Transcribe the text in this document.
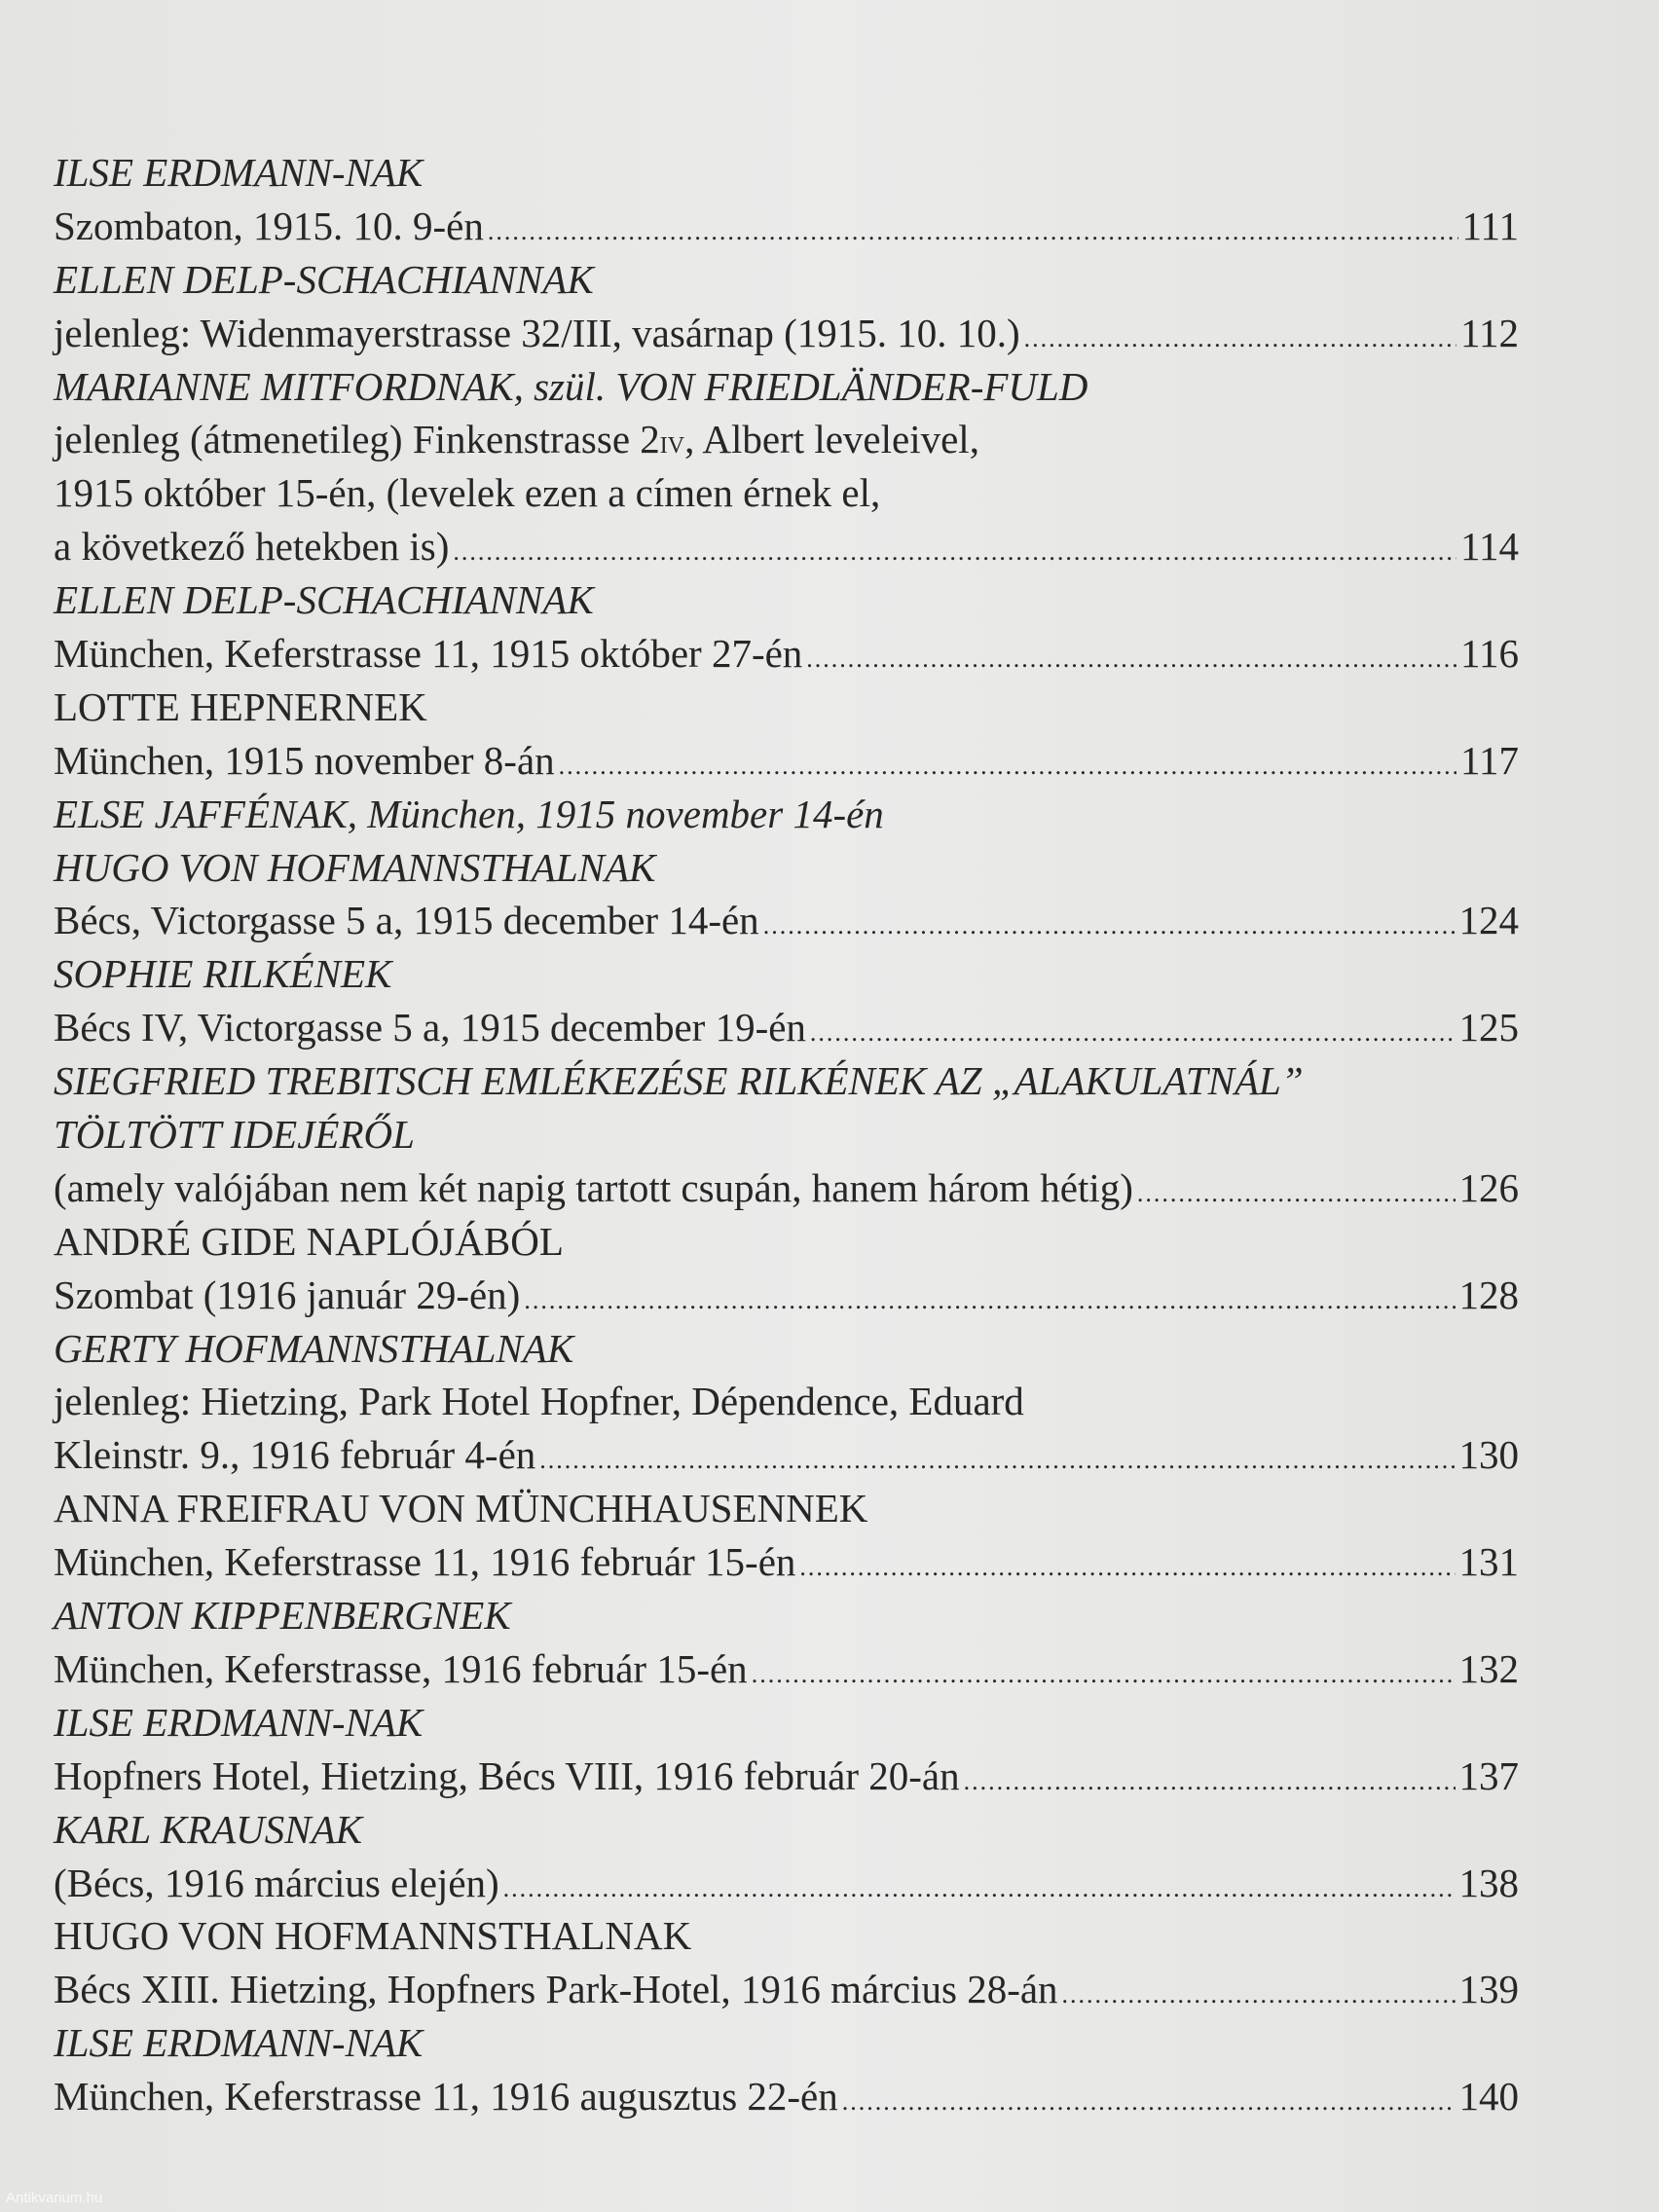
ILSE ERDMANN-NAK
Szombaton, 1915. 10. 9-én .....	111
ELLEN DELP-SCHACHIANNAK
jelenleg: Widenmayerstrasse 32/III, vasárnap (1915. 10. 10.) .....	112
MARIANNE MITFORDNAK, szül. VON FRIEDLÄNDER-FULD
jelenleg (átmenetileg) Finkenstrasse 2 IV , Albert leveleivel,
1915 október 15-én, (levelek ezen a címen érnek el,
a következő hetekben is) .....	114
ELLEN DELP-SCHACHIANNAK
München, Keferstrasse 11, 1915 október 27-én .....	116
LOTTE HEPNERNEK
München, 1915 november 8-án .....	117
ELSE JAFFÉNAK, München, 1915 november 14-én
HUGO VON HOFMANNSTHALNAK
Bécs, Victorgasse 5 a, 1915 december 14-én .....	124
SOPHIE RILKÉNEK
Bécs IV, Victorgasse 5 a, 1915 december 19-én .....	125
SIEGFRIED TREBITSCH EMLÉKEZÉSE RILKÉNEK AZ „ALAKULATNÁL”
TÖLTÖTT IDEJÉRŐL
(amely valójában nem két napig tartott csupán, hanem három hétig) .....	126
ANDRÉ GIDE NAPLÓJÁBÓL
Szombat (1916 január 29-én) .....	128
GERTY HOFMANNSTHALNAK
jelenleg: Hietzing, Park Hotel Hopfner, Dépendence, Eduard
Kleinstr. 9., 1916 február 4-én .....	130
ANNA FREIFRAU VON MÜNCHHAUSENNEK
München, Keferstrasse 11, 1916 február 15-én .....	131
ANTON KIPPENBERGNEK
München, Keferstrasse, 1916 február 15-én .....	132
ILSE ERDMANN-NAK
Hopfners Hotel, Hietzing, Bécs VIII, 1916 február 20-án .....	137
KARL KRAUSNAK
(Bécs, 1916 március elején) .....	138
HUGO VON HOFMANNSTHALNAK
Bécs XIII. Hietzing, Hopfners Park-Hotel, 1916 március 28-án .....	139
ILSE ERDMANN-NAK
München, Keferstrasse 11, 1916 augusztus 22-én .....	140
Antikvarium.hu
